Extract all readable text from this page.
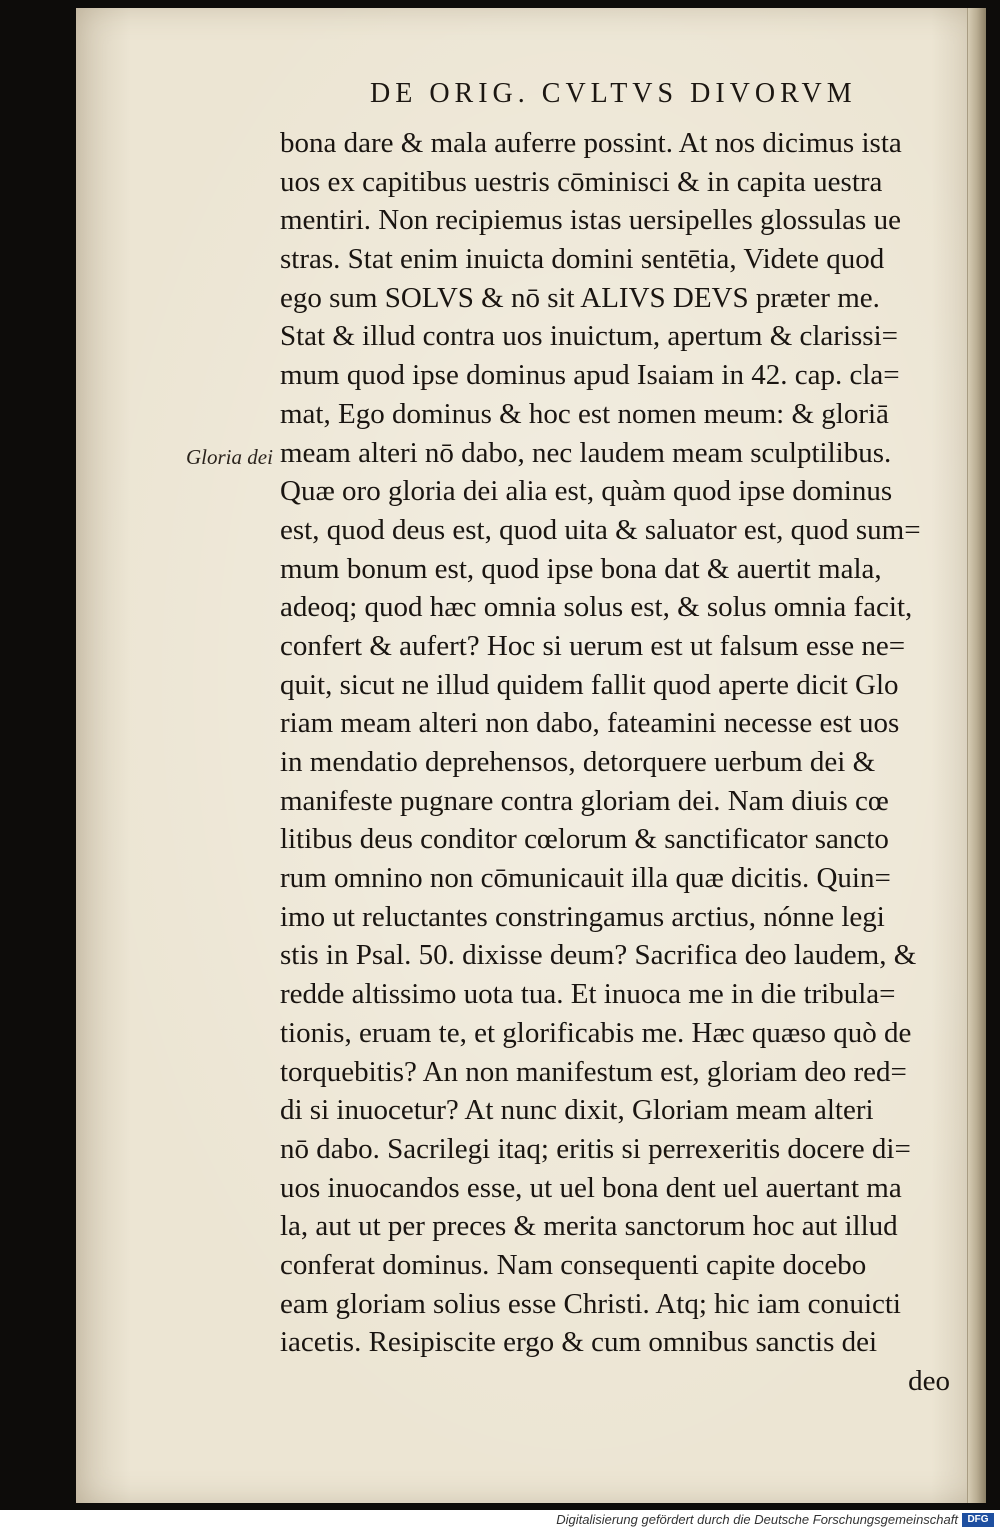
DE ORIG. CVLTVS DIVORVM
Gloria dei
bona dare & mala auferre possint. At nos dicimus ista
uos ex capitibus uestris cōminisci & in capita uestra
mentiri. Non recipiemus istas uersipelles glossulas ue
stras. Stat enim inuicta domini sentētia, Videte quod
ego sum SOLVS & nō sit ALIVS DEVS præter me.
Stat & illud contra uos inuictum, apertum & clarissi=
mum quod ipse dominus apud Isaiam in 42. cap. cla=
mat, Ego dominus & hoc est nomen meum: & gloriā
meam alteri nō dabo, nec laudem meam sculptilibus.
Quæ oro gloria dei alia est, quàm quod ipse dominus
est, quod deus est, quod uita & saluator est, quod sum=
mum bonum est, quod ipse bona dat & auertit mala,
adeoq; quod hæc omnia solus est, & solus omnia facit,
confert & aufert? Hoc si uerum est ut falsum esse ne=
quit, sicut ne illud quidem fallit quod aperte dicit Glo
riam meam alteri non dabo, fateamini necesse est uos
in mendatio deprehensos, detorquere uerbum dei &
manifeste pugnare contra gloriam dei. Nam diuis cœ
litibus deus conditor cœlorum & sanctificator sancto
rum omnino non cōmunicauit illa quæ dicitis. Quin=
imo ut reluctantes constringamus arctius, nónne legi
stis in Psal. 50. dixisse deum? Sacrifica deo laudem, &
redde altissimo uota tua. Et inuoca me in die tribula=
tionis, eruam te, et glorificabis me. Hæc quæso quò de
torquebitis? An non manifestum est, gloriam deo red=
di si inuocetur? At nunc dixit, Gloriam meam alteri
nō dabo. Sacrilegi itaq; eritis si perrexeritis docere di=
uos inuocandos esse, ut uel bona dent uel auertant ma
la, aut ut per preces & merita sanctorum hoc aut illud
conferat dominus. Nam consequenti capite docebo
eam gloriam solius esse Christi. Atq; hic iam conuicti
iacetis. Resipiscite ergo & cum omnibus sanctis dei
deo
Digitalisierung gefördert durch die Deutsche Forschungsgemeinschaft DFG
